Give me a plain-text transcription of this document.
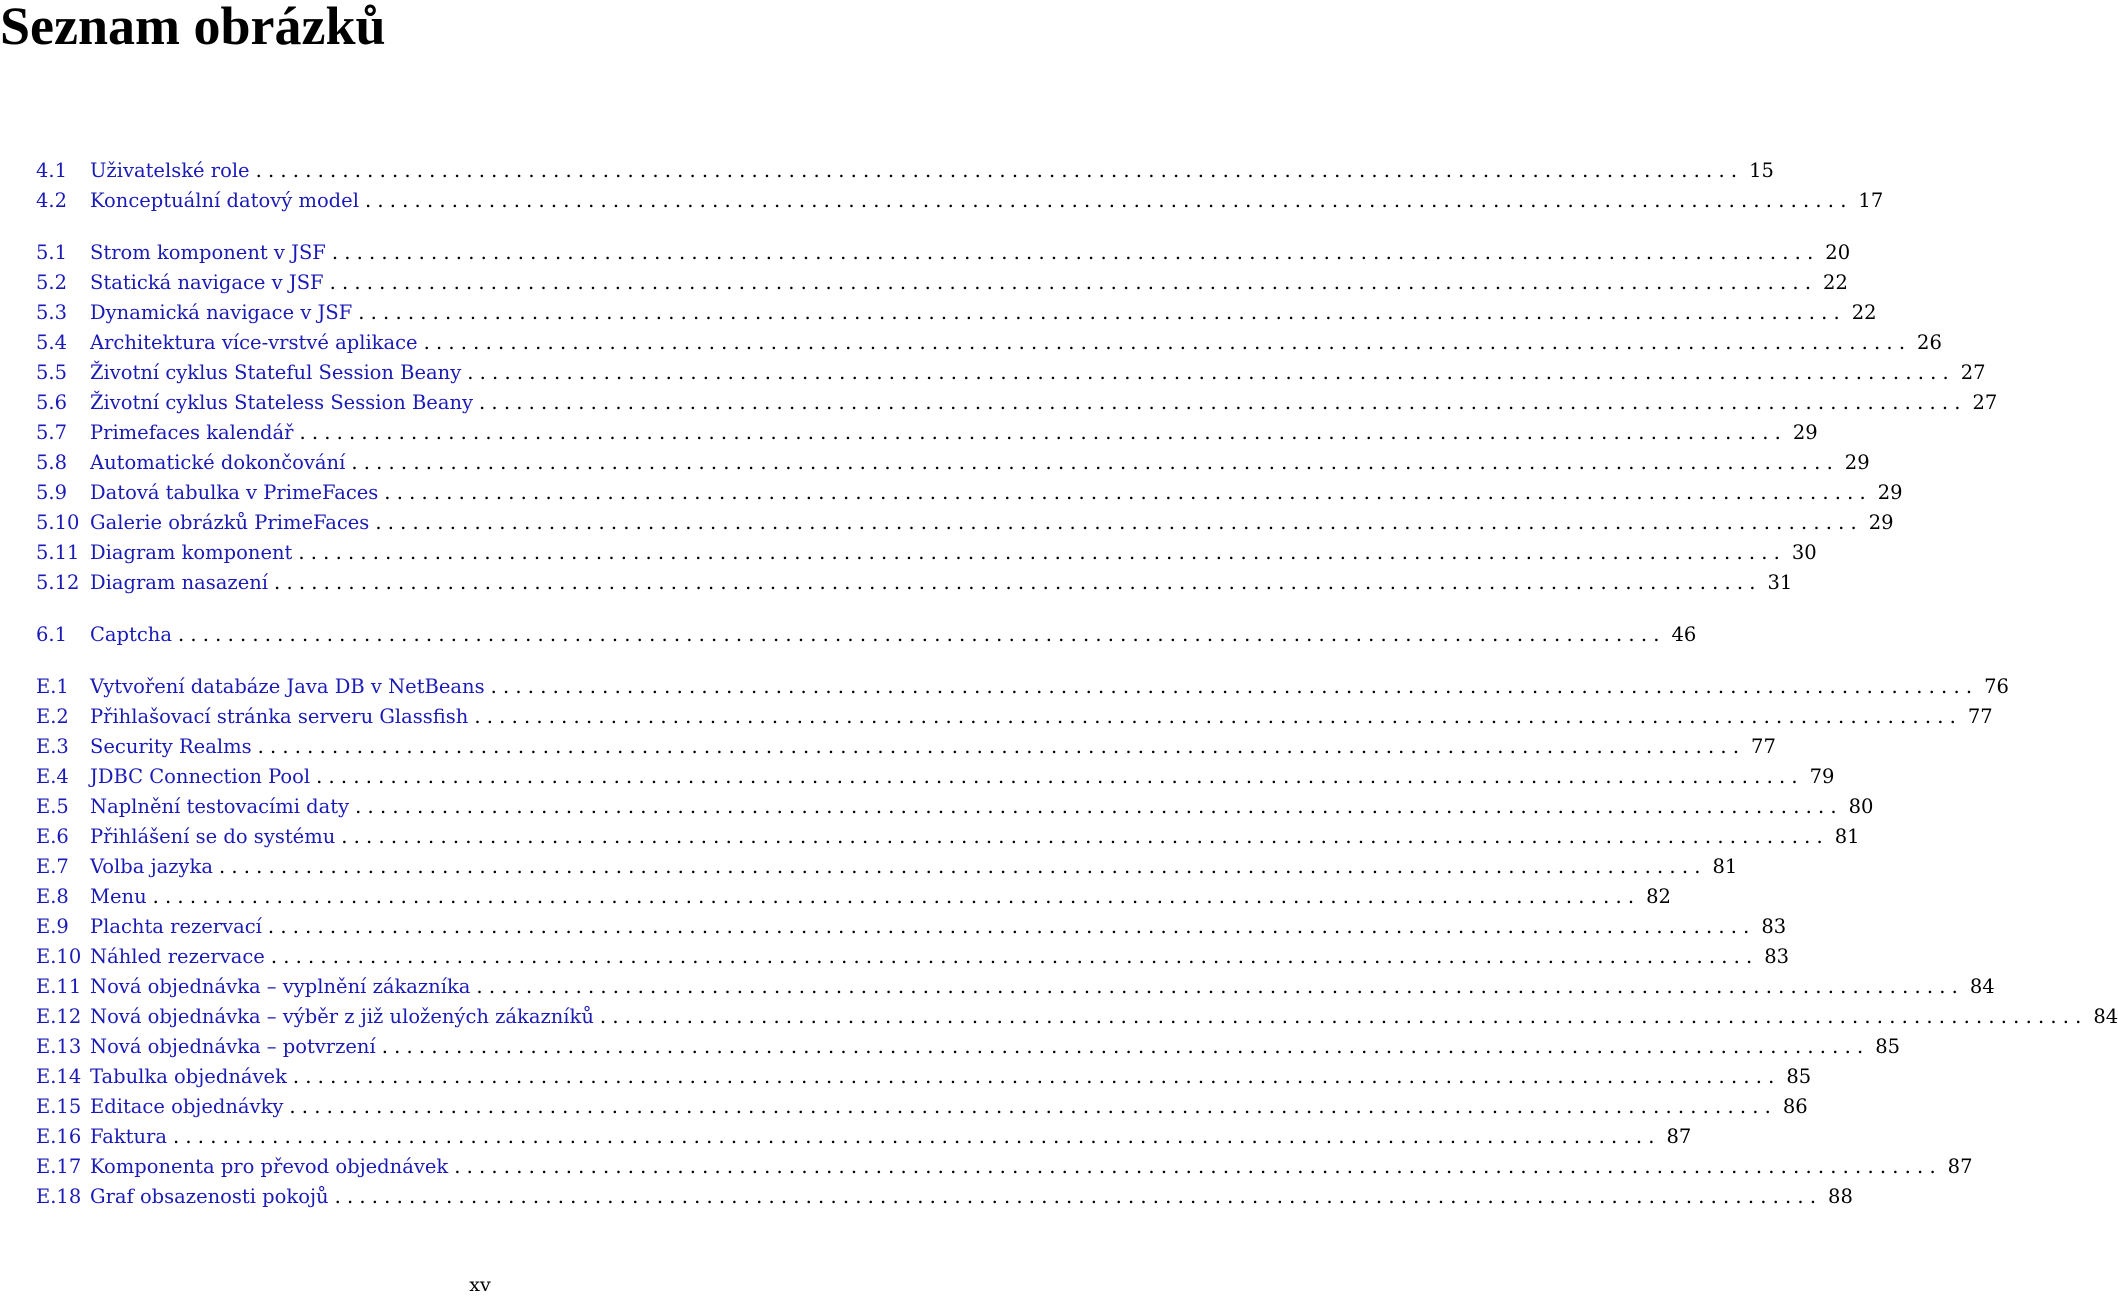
Seznam obrázků
4.1	Uživatelské role . . . . . . . . . . . . . . . . . . . . . . . . . . . . . . . . . . . . . . . . . . . . . . . . . . . . . . . . . . . . . . . . . . . . . . . . . . . . . . . . . . . . . . . . . . . . . . . . . . . . . . . . . . . . . . . . . . . . . . . . 15
4.2	Konceptuální datový model . . . . . . . . . . . . . . . . . . . . . . . . . . . . . . . . . . . . . . . . . . . . . . . . . . . . . . . . . . . . . . . . . . . . . . . . . . . . . . . . . . . . . . . . . . . . . . . . . . . . . . . . . . . . . . . . . . . . . . . . 17
5.1	Strom komponent v JSF . . . . . . . . . . . . . . . . . . . . . . . . . . . . . . . . . . . . . . . . . . . . . . . . . . . . . . . . . . . . . . . . . . . . . . . . . . . . . . . . . . . . . . . . . . . . . . . . . . . . . . . . . . . . . . . . . . . . . . . . 20
5.2	Statická navigace v JSF . . . . . . . . . . . . . . . . . . . . . . . . . . . . . . . . . . . . . . . . . . . . . . . . . . . . . . . . . . . . . . . . . . . . . . . . . . . . . . . . . . . . . . . . . . . . . . . . . . . . . . . . . . . . . . . . . . . . . . . . 22
5.3	Dynamická navigace v JSF . . . . . . . . . . . . . . . . . . . . . . . . . . . . . . . . . . . . . . . . . . . . . . . . . . . . . . . . . . . . . . . . . . . . . . . . . . . . . . . . . . . . . . . . . . . . . . . . . . . . . . . . . . . . . . . . . . . . . . . . 22
5.4	Architektura více-vrstvé aplikace . . . . . . . . . . . . . . . . . . . . . . . . . . . . . . . . . . . . . . . . . . . . . . . . . . . . . . . . . . . . . . . . . . . . . . . . . . . . . . . . . . . . . . . . . . . . . . . . . . . . . . . . . . . . . . . . . . . . . . . . 26
5.5	Životní cyklus Stateful Session Beany . . . . . . . . . . . . . . . . . . . . . . . . . . . . . . . . . . . . . . . . . . . . . . . . . . . . . . . . . . . . . . . . . . . . . . . . . . . . . . . . . . . . . . . . . . . . . . . . . . . . . . . . . . . . . . . . . . . . . . . . 27
5.6	Životní cyklus Stateless Session Beany . . . . . . . . . . . . . . . . . . . . . . . . . . . . . . . . . . . . . . . . . . . . . . . . . . . . . . . . . . . . . . . . . . . . . . . . . . . . . . . . . . . . . . . . . . . . . . . . . . . . . . . . . . . . . . . . . . . . . . . . 27
5.7	Primefaces kalendář . . . . . . . . . . . . . . . . . . . . . . . . . . . . . . . . . . . . . . . . . . . . . . . . . . . . . . . . . . . . . . . . . . . . . . . . . . . . . . . . . . . . . . . . . . . . . . . . . . . . . . . . . . . . . . . . . . . . . . . . 29
5.8	Automatické dokončování . . . . . . . . . . . . . . . . . . . . . . . . . . . . . . . . . . . . . . . . . . . . . . . . . . . . . . . . . . . . . . . . . . . . . . . . . . . . . . . . . . . . . . . . . . . . . . . . . . . . . . . . . . . . . . . . . . . . . . . . 29
5.9	Datová tabulka v PrimeFaces . . . . . . . . . . . . . . . . . . . . . . . . . . . . . . . . . . . . . . . . . . . . . . . . . . . . . . . . . . . . . . . . . . . . . . . . . . . . . . . . . . . . . . . . . . . . . . . . . . . . . . . . . . . . . . . . . . . . . . . . 29
5.10 Galerie obrázků PrimeFaces . . . . . . . . . . . . . . . . . . . . . . . . . . . . . . . . . . . . . . . . . . . . . . . . . . . . . . . . . . . . . . . . . . . . . . . . . . . . . . . . . . . . . . . . . . . . . . . . . . . . . . . . . . . . . . . . . . . . . . . . 29
5.11 Diagram komponent . . . . . . . . . . . . . . . . . . . . . . . . . . . . . . . . . . . . . . . . . . . . . . . . . . . . . . . . . . . . . . . . . . . . . . . . . . . . . . . . . . . . . . . . . . . . . . . . . . . . . . . . . . . . . . . . . . . . . . . . 30
5.12 Diagram nasazení . . . . . . . . . . . . . . . . . . . . . . . . . . . . . . . . . . . . . . . . . . . . . . . . . . . . . . . . . . . . . . . . . . . . . . . . . . . . . . . . . . . . . . . . . . . . . . . . . . . . . . . . . . . . . . . . . . . . . . . . 31
6.1	Captcha . . . . . . . . . . . . . . . . . . . . . . . . . . . . . . . . . . . . . . . . . . . . . . . . . . . . . . . . . . . . . . . . . . . . . . . . . . . . . . . . . . . . . . . . . . . . . . . . . . . . . . . . . . . . . . . . . . . . . . . . 46
E.1	Vytvoření databáze Java DB v NetBeans . . . . . . . . . . . . . . . . . . . . . . . . . . . . . . . . . . . . . . . . . . . . . . . . . . . . . . . . . . . . . . . . . . . . . . . . . . . . . . . . . . . . . . . . . . . . . . . . . . . . . . . . . . . . . . . . . . . . . . . . 76
E.2	Přihlašovací stránka serveru Glassfish . . . . . . . . . . . . . . . . . . . . . . . . . . . . . . . . . . . . . . . . . . . . . . . . . . . . . . . . . . . . . . . . . . . . . . . . . . . . . . . . . . . . . . . . . . . . . . . . . . . . . . . . . . . . . . . . . . . . . . . . 77
E.3	Security Realms . . . . . . . . . . . . . . . . . . . . . . . . . . . . . . . . . . . . . . . . . . . . . . . . . . . . . . . . . . . . . . . . . . . . . . . . . . . . . . . . . . . . . . . . . . . . . . . . . . . . . . . . . . . . . . . . . . . . . . . . 77
E.4	JDBC Connection Pool . . . . . . . . . . . . . . . . . . . . . . . . . . . . . . . . . . . . . . . . . . . . . . . . . . . . . . . . . . . . . . . . . . . . . . . . . . . . . . . . . . . . . . . . . . . . . . . . . . . . . . . . . . . . . . . . . . . . . . . . 79
E.5	Naplnění testovacími daty . . . . . . . . . . . . . . . . . . . . . . . . . . . . . . . . . . . . . . . . . . . . . . . . . . . . . . . . . . . . . . . . . . . . . . . . . . . . . . . . . . . . . . . . . . . . . . . . . . . . . . . . . . . . . . . . . . . . . . . . 80
E.6	Přihlášení se do systému . . . . . . . . . . . . . . . . . . . . . . . . . . . . . . . . . . . . . . . . . . . . . . . . . . . . . . . . . . . . . . . . . . . . . . . . . . . . . . . . . . . . . . . . . . . . . . . . . . . . . . . . . . . . . . . . . . . . . . . . 81
E.7	Volba jazyka . . . . . . . . . . . . . . . . . . . . . . . . . . . . . . . . . . . . . . . . . . . . . . . . . . . . . . . . . . . . . . . . . . . . . . . . . . . . . . . . . . . . . . . . . . . . . . . . . . . . . . . . . . . . . . . . . . . . . . . . 81
E.8	Menu . . . . . . . . . . . . . . . . . . . . . . . . . . . . . . . . . . . . . . . . . . . . . . . . . . . . . . . . . . . . . . . . . . . . . . . . . . . . . . . . . . . . . . . . . . . . . . . . . . . . . . . . . . . . . . . . . . . . . . . . 82
E.9	Plachta rezervací . . . . . . . . . . . . . . . . . . . . . . . . . . . . . . . . . . . . . . . . . . . . . . . . . . . . . . . . . . . . . . . . . . . . . . . . . . . . . . . . . . . . . . . . . . . . . . . . . . . . . . . . . . . . . . . . . . . . . . . . 83
E.10 Náhled rezervace . . . . . . . . . . . . . . . . . . . . . . . . . . . . . . . . . . . . . . . . . . . . . . . . . . . . . . . . . . . . . . . . . . . . . . . . . . . . . . . . . . . . . . . . . . . . . . . . . . . . . . . . . . . . . . . . . . . . . . . . 83
E.11 Nová objednávka – vyplnění zákazníka . . . . . . . . . . . . . . . . . . . . . . . . . . . . . . . . . . . . . . . . . . . . . . . . . . . . . . . . . . . . . . . . . . . . . . . . . . . . . . . . . . . . . . . . . . . . . . . . . . . . . . . . . . . . . . . . . . . . . . . . 84
E.12 Nová objednávka – výběr z již uložených zákazníků . . . . . . . . . . . . . . . . . . . . . . . . . . . . . . . . . . . . . . . . . . . . . . . . . . . . . . . . . . . . . . . . . . . . . . . . . . . . . . . . . . . . . . . . . . . . . . . . . . . . . . . . . . . . . . . . . . . . . . . . 84
E.13 Nová objednávka – potvrzení . . . . . . . . . . . . . . . . . . . . . . . . . . . . . . . . . . . . . . . . . . . . . . . . . . . . . . . . . . . . . . . . . . . . . . . . . . . . . . . . . . . . . . . . . . . . . . . . . . . . . . . . . . . . . . . . . . . . . . . . 85
E.14 Tabulka objednávek . . . . . . . . . . . . . . . . . . . . . . . . . . . . . . . . . . . . . . . . . . . . . . . . . . . . . . . . . . . . . . . . . . . . . . . . . . . . . . . . . . . . . . . . . . . . . . . . . . . . . . . . . . . . . . . . . . . . . . . . 85
E.15 Editace objednávky . . . . . . . . . . . . . . . . . . . . . . . . . . . . . . . . . . . . . . . . . . . . . . . . . . . . . . . . . . . . . . . . . . . . . . . . . . . . . . . . . . . . . . . . . . . . . . . . . . . . . . . . . . . . . . . . . . . . . . . . 86
E.16 Faktura . . . . . . . . . . . . . . . . . . . . . . . . . . . . . . . . . . . . . . . . . . . . . . . . . . . . . . . . . . . . . . . . . . . . . . . . . . . . . . . . . . . . . . . . . . . . . . . . . . . . . . . . . . . . . . . . . . . . . . . . 87
E.17 Komponenta pro převod objednávek . . . . . . . . . . . . . . . . . . . . . . . . . . . . . . . . . . . . . . . . . . . . . . . . . . . . . . . . . . . . . . . . . . . . . . . . . . . . . . . . . . . . . . . . . . . . . . . . . . . . . . . . . . . . . . . . . . . . . . . . 87
E.18 Graf obsazenosti pokojů . . . . . . . . . . . . . . . . . . . . . . . . . . . . . . . . . . . . . . . . . . . . . . . . . . . . . . . . . . . . . . . . . . . . . . . . . . . . . . . . . . . . . . . . . . . . . . . . . . . . . . . . . . . . . . . . . . . . . . . . 88
xv
